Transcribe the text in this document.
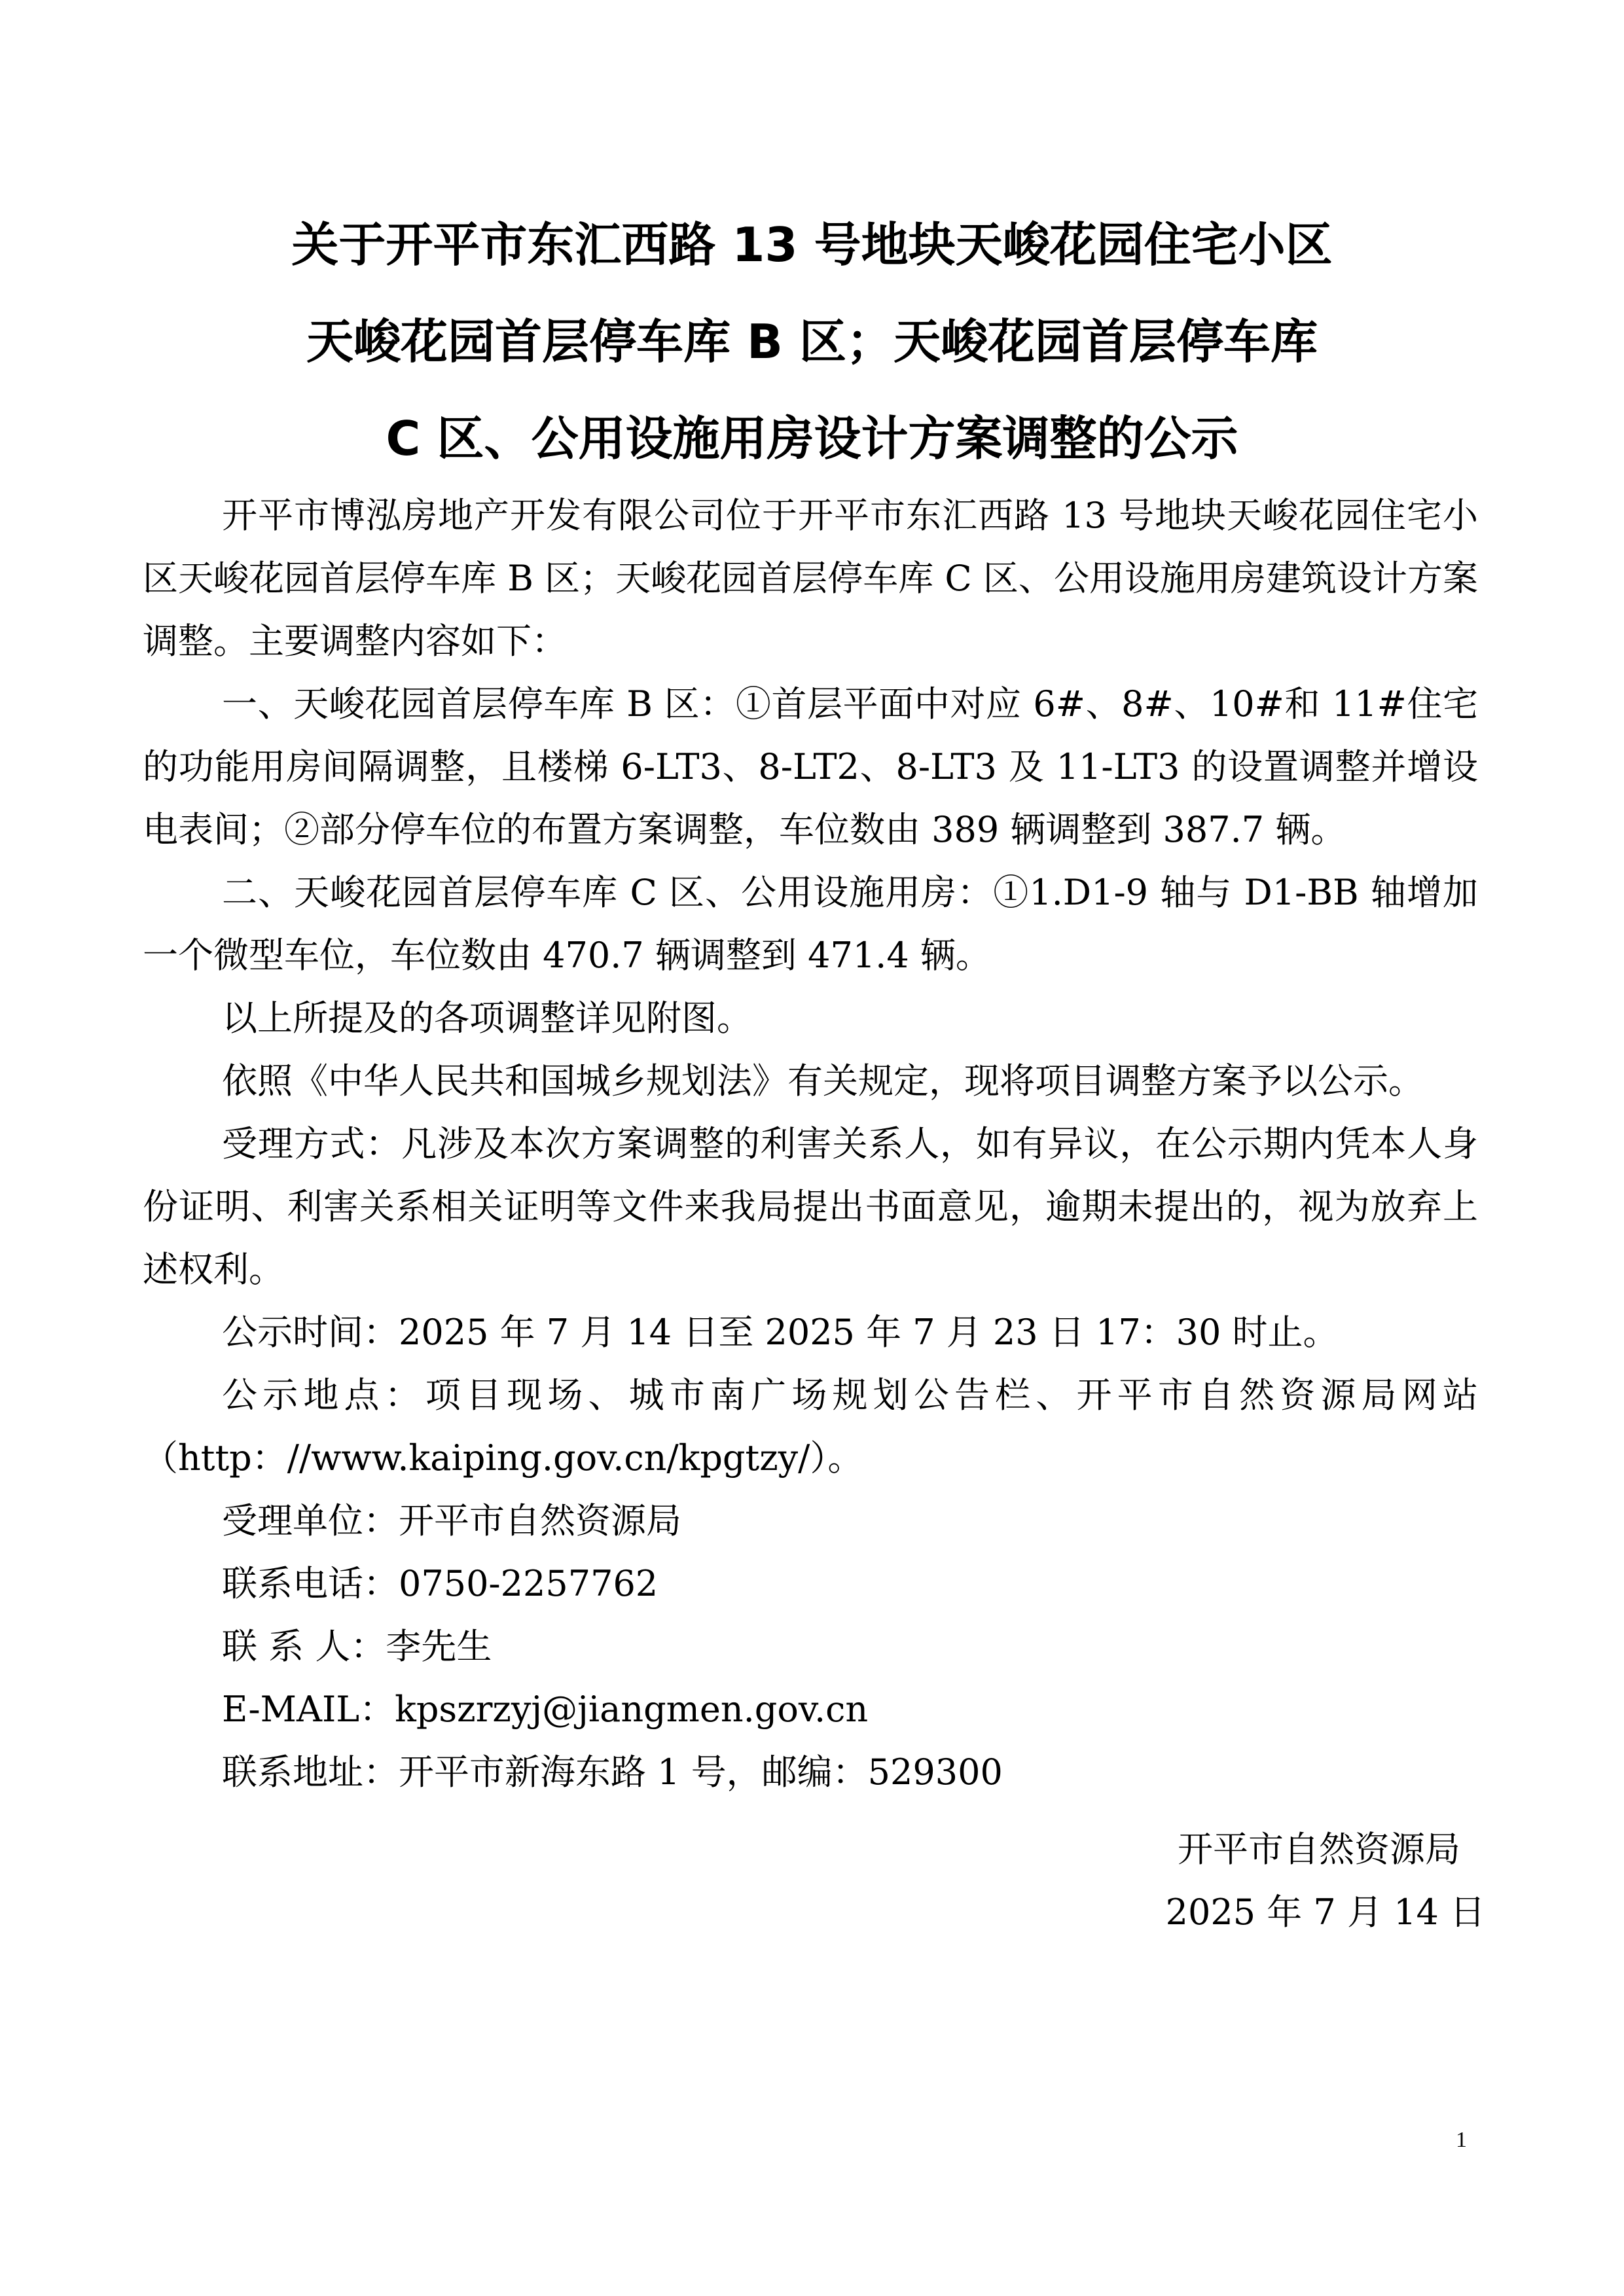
关于开平市东汇西路 13 号地块天峻花园住宅小区
天峻花园首层停车库 B 区；天峻花园首层停车库
C 区、公用设施用房设计方案调整的公示

开平市博泓房地产开发有限公司位于开平市东汇西路 13 号地块天峻花园住宅小区天峻花园首层停车库 B 区；天峻花园首层停车库 C 区、公用设施用房建筑设计方案调整。主要调整内容如下：

一、天峻花园首层停车库 B 区：①首层平面中对应 6#、8#、10#和 11#住宅的功能用房间隔调整，且楼梯 6-LT3、8-LT2、8-LT3 及 11-LT3 的设置调整并增设电表间；②部分停车位的布置方案调整，车位数由 389 辆调整到 387.7 辆。

二、天峻花园首层停车库 C 区、公用设施用房：①1.D1-9 轴与 D1-BB 轴增加一个微型车位，车位数由 470.7 辆调整到 471.4 辆。

以上所提及的各项调整详见附图。

依照《中华人民共和国城乡规划法》有关规定，现将项目调整方案予以公示。

受理方式：凡涉及本次方案调整的利害关系人，如有异议，在公示期内凭本人身份证明、利害关系相关证明等文件来我局提出书面意见，逾期未提出的，视为放弃上述权利。

公示时间：2025 年 7 月 14 日至 2025 年 7 月 23 日 17：30 时止。

公示地点：项目现场、城市南广场规划公告栏、开平市自然资源局网站（http：//www.kaiping.gov.cn/kpgtzy/）。

受理单位：开平市自然资源局

联系电话：0750-2257762

联 系 人：李先生

E-MAIL：kpszrzyj@jiangmen.gov.cn

联系地址：开平市新海东路 1 号，邮编：529300

开平市自然资源局
2025 年 7 月 14 日
1
